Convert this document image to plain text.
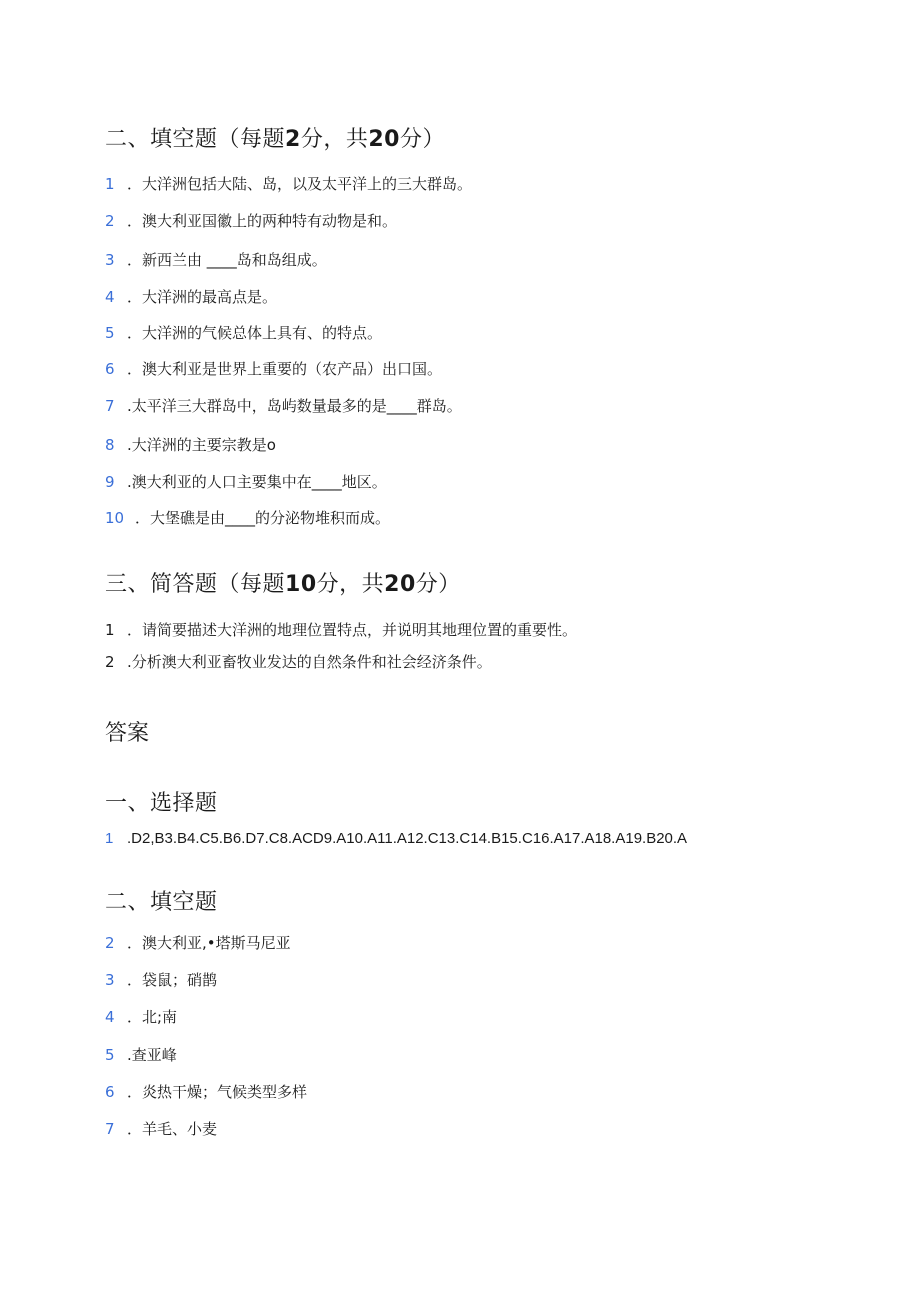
二、填空题（每题2分，共20分）
1 ．大洋洲包括大陆、岛，以及太平洋上的三大群岛。
2 ．澳大利亚国徽上的两种特有动物是和。
3 ．新西兰由 ____岛和岛组成。
4 ．大洋洲的最高点是。
5 ．大洋洲的气候总体上具有、的特点。
6 ．澳大利亚是世界上重要的（农产品）出口国。
7 .太平洋三大群岛中，岛屿数量最多的是____群岛。
8 .大洋洲的主要宗教是o
9 .澳大利亚的人口主要集中在____地区。
10 ．大堡礁是由____的分泌物堆积而成。
三、简答题（每题10分，共20分）
1 ．请简要描述大洋洲的地理位置特点，并说明其地理位置的重要性。
2 .分析澳大利亚畜牧业发达的自然条件和社会经济条件。
答案
一、选择题
1 .D2,B3.B4.C5.B6.D7.C8.ACD9.A10.A11.A12.C13.C14.B15.C16.A17.A18.A19.B20.A
二、填空题
2 ．澳大利亚,•塔斯马尼亚
3 ．袋鼠；硝鹊
4 ．北;南
5 .查亚峰
6 ．炎热干燥；气候类型多样
7 ．羊毛、小麦
